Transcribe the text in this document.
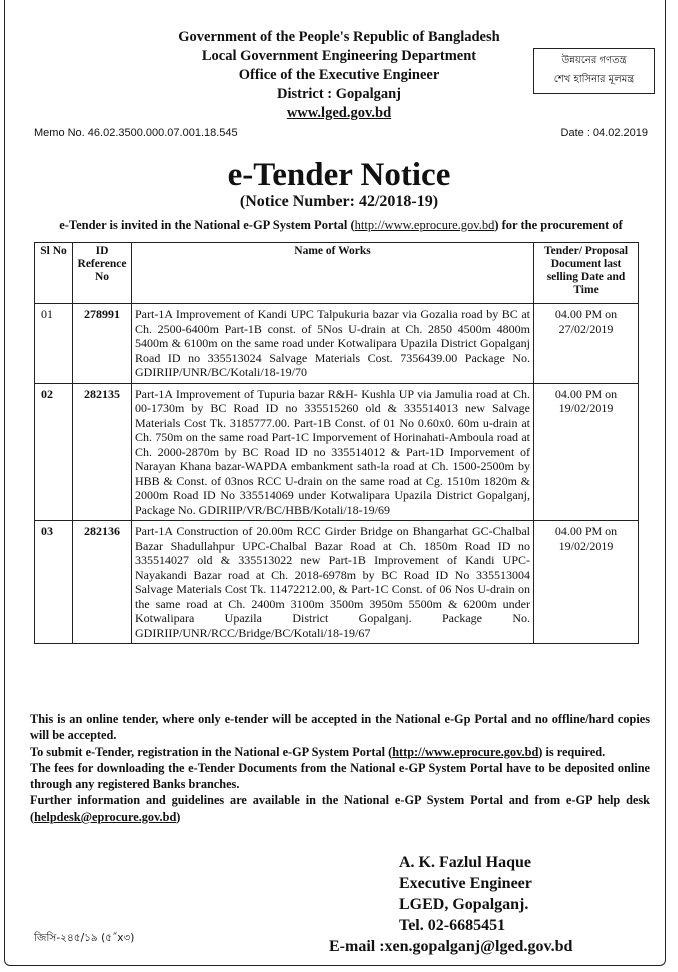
Government of the People's Republic of Bangladesh
Local Government Engineering Department
Office of the Executive Engineer
District : Gopalganj
www.lged.gov.bd
উন্নয়নের গণতন্ত্র
শেখ হাসিনার মূলমন্ত্র
Memo No. 46.02.3500.000.07.001.18.545	Date : 04.02.2019
e-Tender Notice
(Notice Number: 42/2018-19)
e-Tender is invited in the National e-GP System Portal (http://www.eprocure.gov.bd) for the procurement of
Sl No	ID Reference No	Name of Works	Tender/ Proposal Document last selling Date and Time
01	278991	Part-1A Improvement of Kandi UPC Talpukuria bazar via Gozalia road by BC at Ch. 2500-6400m Part-1B const. of 5Nos U-drain at Ch. 2850 4500m 4800m 5400m & 6100m on the same road under Kotwalipara Upazila District Gopalganj Road ID no 335513024 Salvage Materials Cost. 7356439.00 Package No. GDIRIIP/UNR/BC/Kotali/18-19/70	04.00 PM on
27/02/2019

02	282135	Part-1A Improvement of Tupuria bazar R&H- Kushla UP via Jamulia road at Ch. 00-1730m by BC Road ID no 335515260 old & 335514013 new Salvage Materials Cost Tk. 3185777.00. Part-1B Const. of 01 No 0.60x0. 60m u-drain at Ch. 750m on the same road Part-1C Imporvement of Horinahati-Amboula road at Ch. 2000-2870m by BC Road ID no 335514012 & Part-1D Imporvement of Narayan Khana bazar-WAPDA embankment sath-la road at Ch. 1500-2500m by HBB & Const. of 03nos RCC U-drain on the same road at Cg. 1510m 1820m & 2000m Road ID No 335514069 under Kotwalipara Upazila District Gopalganj, Package No. GDIRIIP/VR/BC/HBB/Kotali/18-19/69	04.00 PM on
19/02/2019

03	282136	Part-1A Construction of 20.00m RCC Girder Bridge on Bhangarhat GC-Chalbal Bazar Shadullahpur UPC-Chalbal Bazar Road at Ch. 1850m Road ID no 335514027 old & 335513022 new Part-1B Improvement of Kandi UPC-Nayakandi Bazar road at Ch. 2018-6978m by BC Road ID No 335513004 Salvage Materials Cost Tk. 11472212.00, & Part-1C Const. of 06 Nos U-drain on the same road at Ch. 2400m 3100m 3500m 3950m 5500m & 6200m under Kotwalipara Upazila District Gopalganj. Package No. GDIRIIP/UNR/RCC/Bridge/BC/Kotali/18-19/67	04.00 PM on
19/02/2019

This is an online tender, where only e-tender will be accepted in the National e-Gp Portal and no offline/hard copies will be accepted.

To submit e-Tender, registration in the National e-GP System Portal (http://www.eprocure.gov.bd) is required.

The fees for downloading the e-Tender Documents from the National e-GP System Portal have to be deposited online through any registered Banks branches.

Further information and guidelines are available in the National e-GP System Portal and from e-GP help desk (helpdesk@eprocure.gov.bd)

A. K. Fazlul Haque
Executive Engineer
LGED, Gopalganj.
Tel. 02-6685451
E-mail :xen.gopalganj@lged.gov.bd
জিসি-২৪৫/১৯ (৫˝x৩)
